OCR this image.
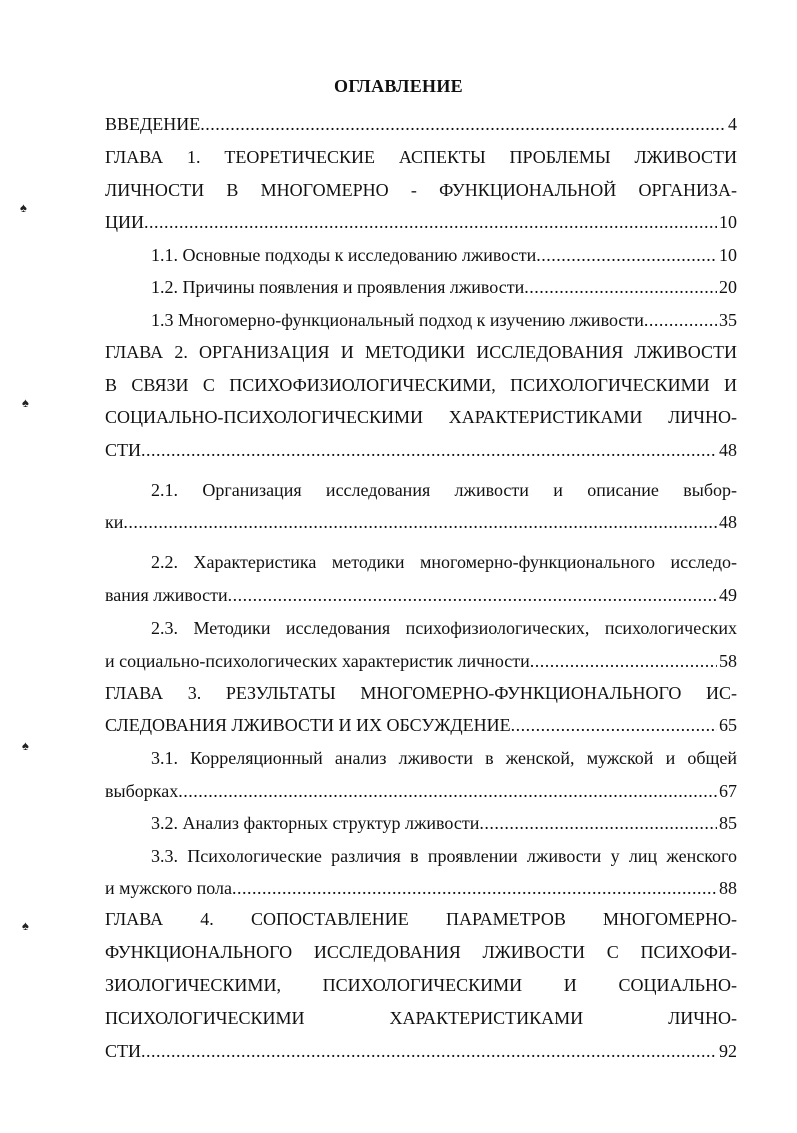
ОГЛАВЛЕНИЕ
ВВЕДЕНИЕ .....	4
ГЛАВА 1. ТЕОРЕТИЧЕСКИЕ АСПЕКТЫ ПРОБЛЕМЫ ЛЖИВОСТИ
ЛИЧНОСТИ В МНОГОМЕРНО - ФУНКЦИОНАЛЬНОЙ ОРГАНИЗА-
ЦИИ .....	10
1.1. Основные подходы к исследованию лживости .....	10
1.2. Причины появления и проявления лживости .....	20
1.3 Многомерно-функциональный подход к изучению лживости .....	35
ГЛАВА 2. ОРГАНИЗАЦИЯ И МЕТОДИКИ ИССЛЕДОВАНИЯ ЛЖИВОСТИ
В СВЯЗИ С ПСИХОФИЗИОЛОГИЧЕСКИМИ, ПСИХОЛОГИЧЕСКИМИ И
СОЦИАЛЬНО-ПСИХОЛОГИЧЕСКИМИ ХАРАКТЕРИСТИКАМИ ЛИЧНО-
СТИ .....	48
2.1. Организация исследования лживости и описание выбор-
ки .....	48
2.2. Характеристика методики многомерно-функционального исследо-
вания лживости .....	49
2.3. Методики исследования психофизиологических, психологических
и социально-психологических характеристик личности .....	58
ГЛАВА 3. РЕЗУЛЬТАТЫ МНОГОМЕРНО-ФУНКЦИОНАЛЬНОГО ИС-
СЛЕДОВАНИЯ ЛЖИВОСТИ И ИХ ОБСУЖДЕНИЕ .....	65
3.1. Корреляционный анализ лживости в женской, мужской и общей
выборках .....	67
3.2. Анализ факторных структур лживости .....	85
3.3. Психологические различия в проявлении лживости у лиц женского
и мужского пола .....	88
ГЛАВА 4. СОПОСТАВЛЕНИЕ ПАРАМЕТРОВ МНОГОМЕРНО-
ФУНКЦИОНАЛЬНОГО ИССЛЕДОВАНИЯ ЛЖИВОСТИ С ПСИХОФИ-
ЗИОЛОГИЧЕСКИМИ, ПСИХОЛОГИЧЕСКИМИ И СОЦИАЛЬНО-
ПСИХОЛОГИЧЕСКИМИ ХАРАКТЕРИСТИКАМИ ЛИЧНО-
СТИ .....	92
♠
♠
♠
♠
